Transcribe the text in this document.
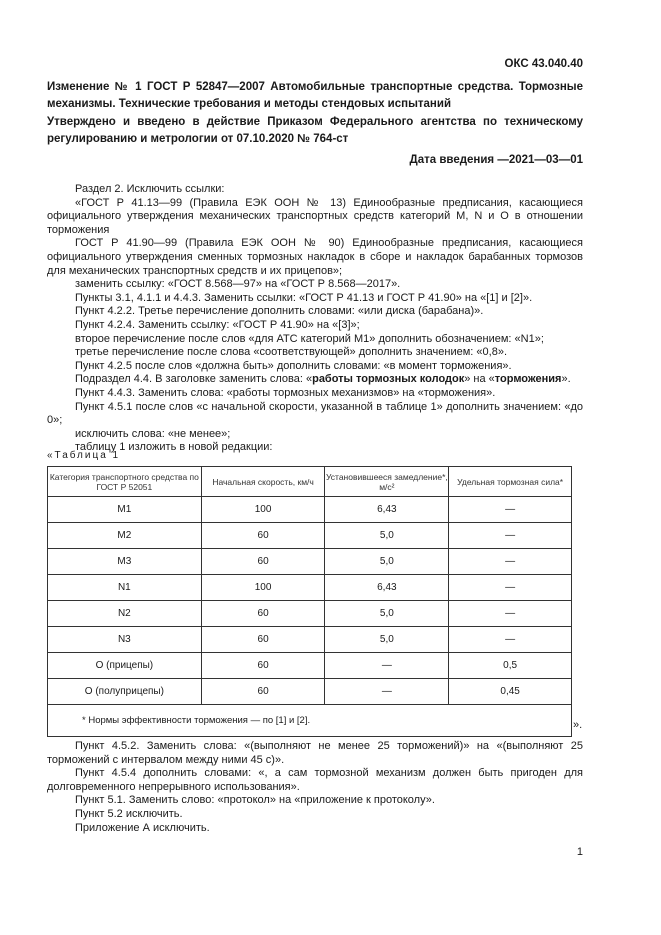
ОКС 43.040.40
Изменение № 1 ГОСТ Р 52847—2007 Автомобильные транспортные средства. Тормозные механизмы. Технические требования и методы стендовых испытаний
Утверждено и введено в действие Приказом Федерального агентства по техническому регулированию и метрологии от 07.10.2020 № 764-ст
Дата введения —2021—03—01

Раздел 2. Исключить ссылки:

«ГОСТ Р 41.13—99 (Правила ЕЭК ООН № 13) Единообразные предписания, касающиеся официального утверждения механических транспортных средств категорий М, N и О в отношении торможения

ГОСТ Р 41.90—99 (Правила ЕЭК ООН № 90) Единообразные предписания, касающиеся официального утверждения сменных тормозных накладок в сборе и накладок барабанных тормозов для механических транспортных средств и их прицепов»;

заменить ссылку: «ГОСТ 8.568—97» на «ГОСТ Р 8.568—2017».

Пункты 3.1, 4.1.1 и 4.4.3. Заменить ссылки: «ГОСТ Р 41.13 и ГОСТ Р 41.90» на «[1] и [2]».

Пункт 4.2.2. Третье перечисление дополнить словами: «или диска (барабана)».

Пункт 4.2.4. Заменить ссылку: «ГОСТ Р 41.90» на «[3]»;

второе перечисление после слов «для АТС категорий М1» дополнить обозначением: «N1»;

третье перечисление после слова «соответствующей» дополнить значением: «0,8».

Пункт 4.2.5 после слов «должна быть» дополнить словами: «в момент торможения».

Подраздел 4.4. В заголовке заменить слова: «работы тормозных колодок» на «торможения».

Пункт 4.4.3. Заменить слова: «работы тормозных механизмов» на «торможения».

Пункт 4.5.1 после слов «с начальной скорости, указанной в таблице 1» дополнить значением: «до 0»;

исключить слова: «не менее»;

таблицу 1 изложить в новой редакции:

«Таблица 1
Категория транспортного средства по ГОСТ Р 52051	Начальная скорость, км/ч	Установившееся замедление*, м/с²	Удельная тормозная сила*
М1	100	6,43	—
М2	60	5,0	—
М3	60	5,0	—
N1	100	6,43	—
N2	60	5,0	—
N3	60	5,0	—
О (прицепы)	60	—	0,5
О (полуприцепы)	60	—	0,45
* Нормы эффективности торможения — по [1] и [2].				».

Пункт 4.5.2. Заменить слова: «(выполняют не менее 25 торможений)» на «(выполняют 25 торможений с интервалом между ними 45 с)».

Пункт 4.5.4 дополнить словами: «, а сам тормозной механизм должен быть пригоден для долговременного непрерывного использования».

Пункт 5.1. Заменить слово: «протокол» на «приложение к протоколу».

Пункт 5.2 исключить.

Приложение А исключить.

1
